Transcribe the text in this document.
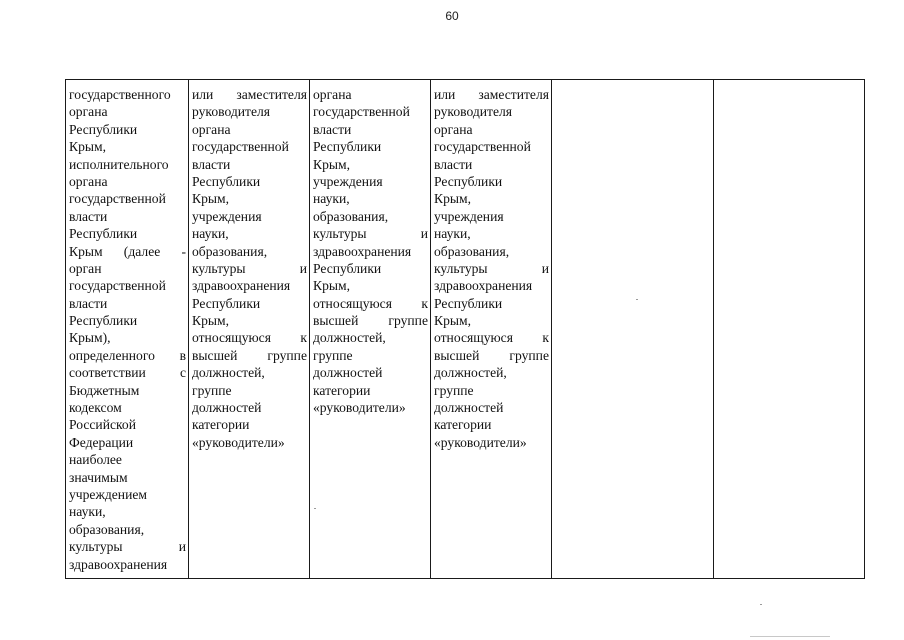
60
государственного
органа
Республики
Крым,
исполнительного
органа
государственной
власти
Республики
Крым (далее -
орган
государственной
власти
Республики
Крым),
определенного в
соответствии с
Бюджетным
кодексом
Российской
Федерации
наиболее
значимым
учреждением
науки,
образования,
культуры и
здравоохранения

или заместителя
руководителя
органа
государственной
власти
Республики
Крым,
учреждения
науки,
образования,
культуры и
здравоохранения
Республики
Крым,
относящуюся к
высшей группе
должностей,
группе
должностей
категории
«руководители»

органа
государственной
власти
Республики
Крым,
учреждения
науки,
образования,
культуры и
здравоохранения
Республики
Крым,
относящуюся к
высшей группе
должностей,
группе
должностей
категории
«руководители»

или заместителя
руководителя
органа
государственной
власти
Республики
Крым,
учреждения
науки,
образования,
культуры и
здравоохранения
Республики
Крым,
относящуюся к
высшей группе
должностей,
группе
должностей
категории
«руководители»
